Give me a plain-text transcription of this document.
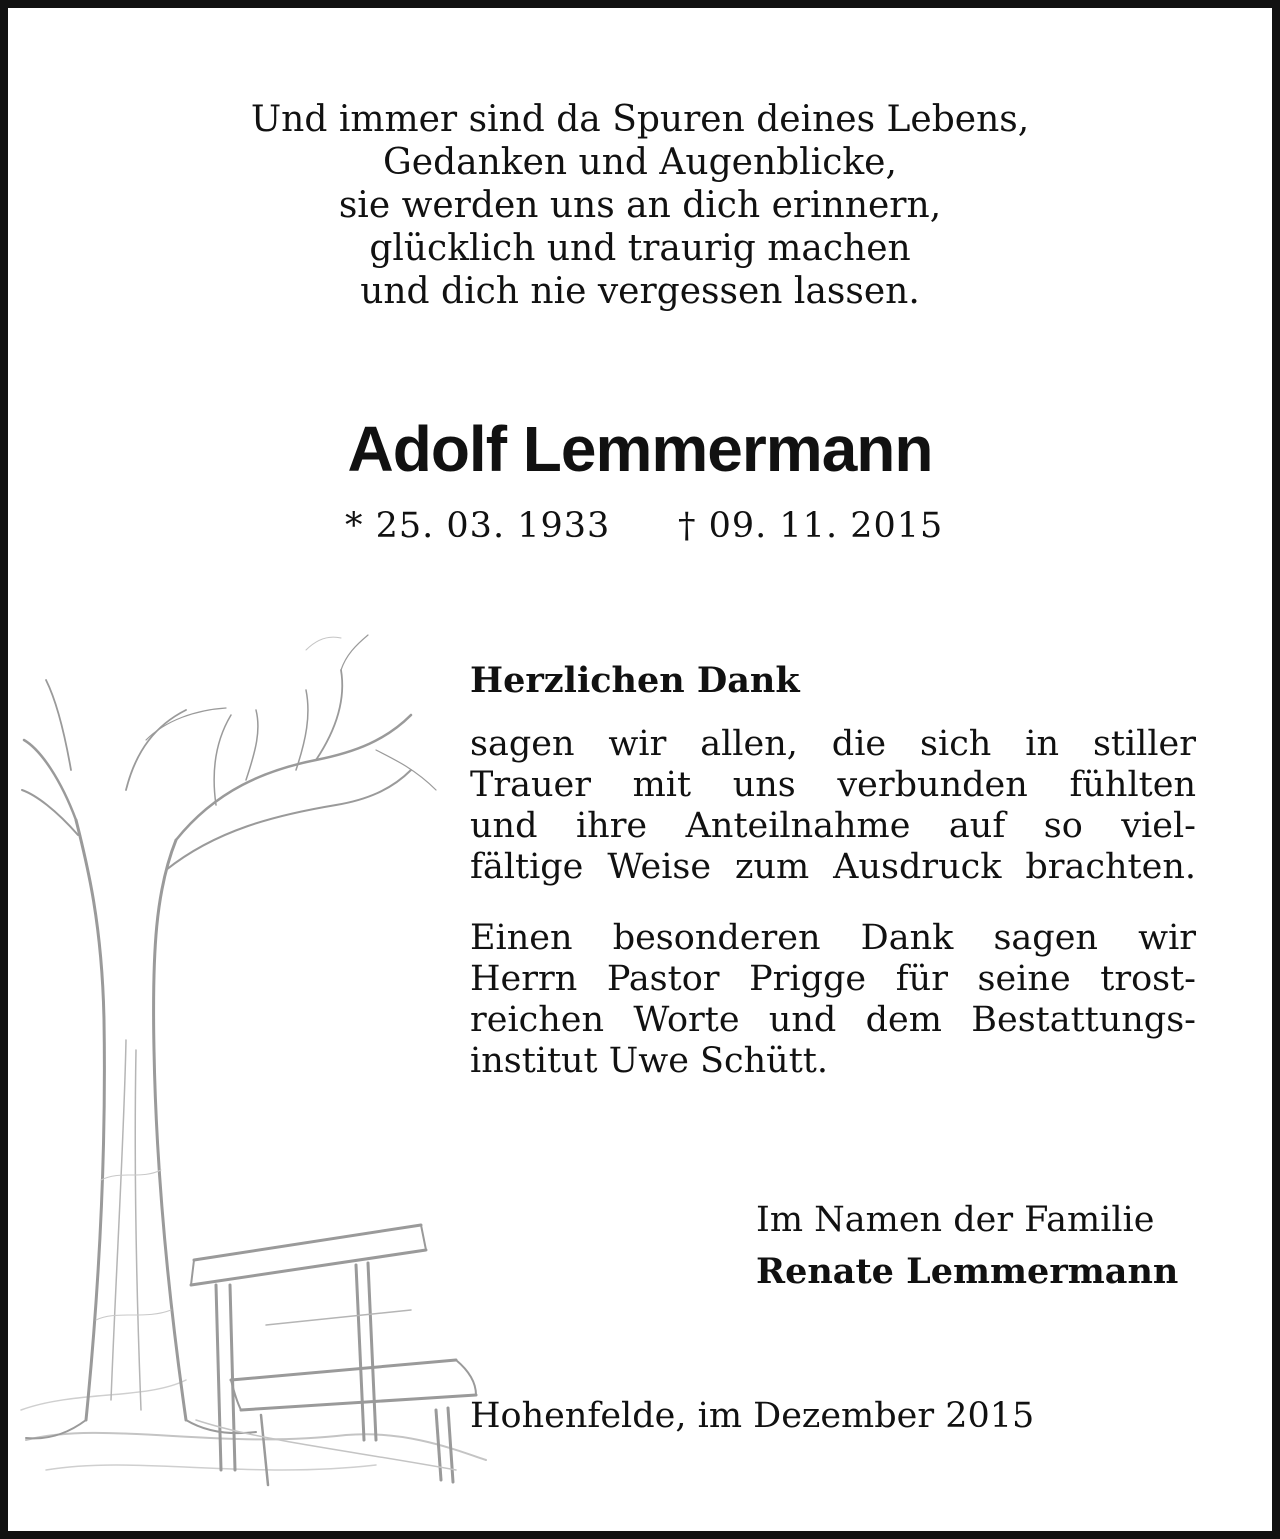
Und immer sind da Spuren deines Lebens,
Gedanken und Augenblicke,
sie werden uns an dich erinnern,
glücklich und traurig machen
und dich nie vergessen lassen.
Adolf Lemmermann
* 25. 03. 1933 † 09. 11. 2015
Herzlichen Dank
sagen wir allen, die sich in stiller
Trauer mit uns verbunden fühlten
und ihre Anteilnahme auf so viel-
fältige Weise zum Ausdruck brachten.
Einen besonderen Dank sagen wir
Herrn Pastor Prigge für seine trost-
reichen Worte und dem Bestattungs-
institut Uwe Schütt.
Im Namen der Familie
Renate Lemmermann
Hohenfelde, im Dezember 2015
